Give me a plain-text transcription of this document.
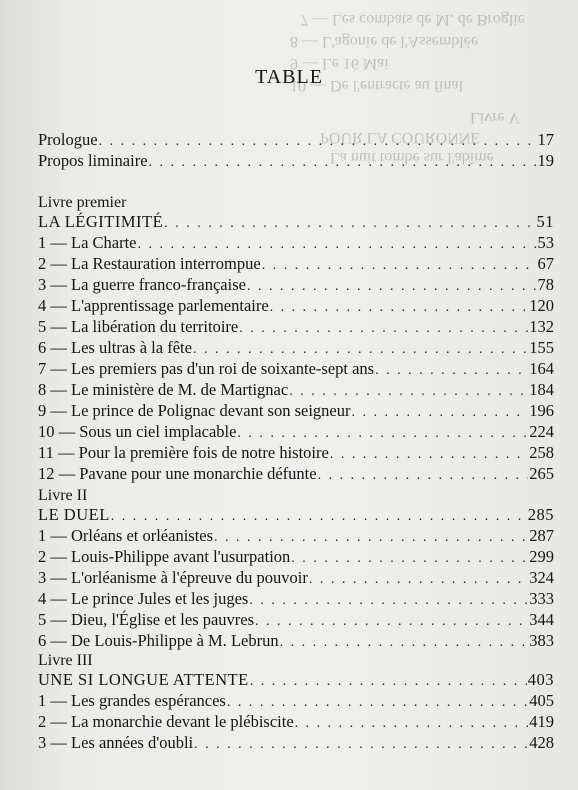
7 — Les combats de M. de Broglie
8 — L'agonie de l'Assemblée
9 — Le 16 Mai
10 — De l'entracte au final
Livre V
POUR LA COURONNE
La nuit tombe sur l'abîme
TABLE
Prologue . . .	17
Propos liminaire . . .	19
Livre premier
LA LÉGITIMITÉ . . .	51
1 — La Charte . . .	53
2 — La Restauration interrompue . . .	67
3 — La guerre franco-française . . .	78
4 — L'apprentissage parlementaire . . .	120
5 — La libération du territoire . . .	132
6 — Les ultras à la fête . . .	155
7 — Les premiers pas d'un roi de soixante-sept ans . . .	164
8 — Le ministère de M. de Martignac . . .	184
9 — Le prince de Polignac devant son seigneur . . .	196
10 — Sous un ciel implacable . . .	224
11 — Pour la première fois de notre histoire . . .	258
12 — Pavane pour une monarchie défunte . . .	265
Livre II
LE DUEL . . .	285
1 — Orléans et orléanistes . . .	287
2 — Louis-Philippe avant l'usurpation . . .	299
3 — L'orléanisme à l'épreuve du pouvoir . . .	324
4 — Le prince Jules et les juges . . .	333
5 — Dieu, l'Église et les pauvres . . .	344
6 — De Louis-Philippe à M. Lebrun . . .	383
Livre III
UNE SI LONGUE ATTENTE . . .	403
1 — Les grandes espérances . . .	405
2 — La monarchie devant le plébiscite . . .	419
3 — Les années d'oubli . . .	428
